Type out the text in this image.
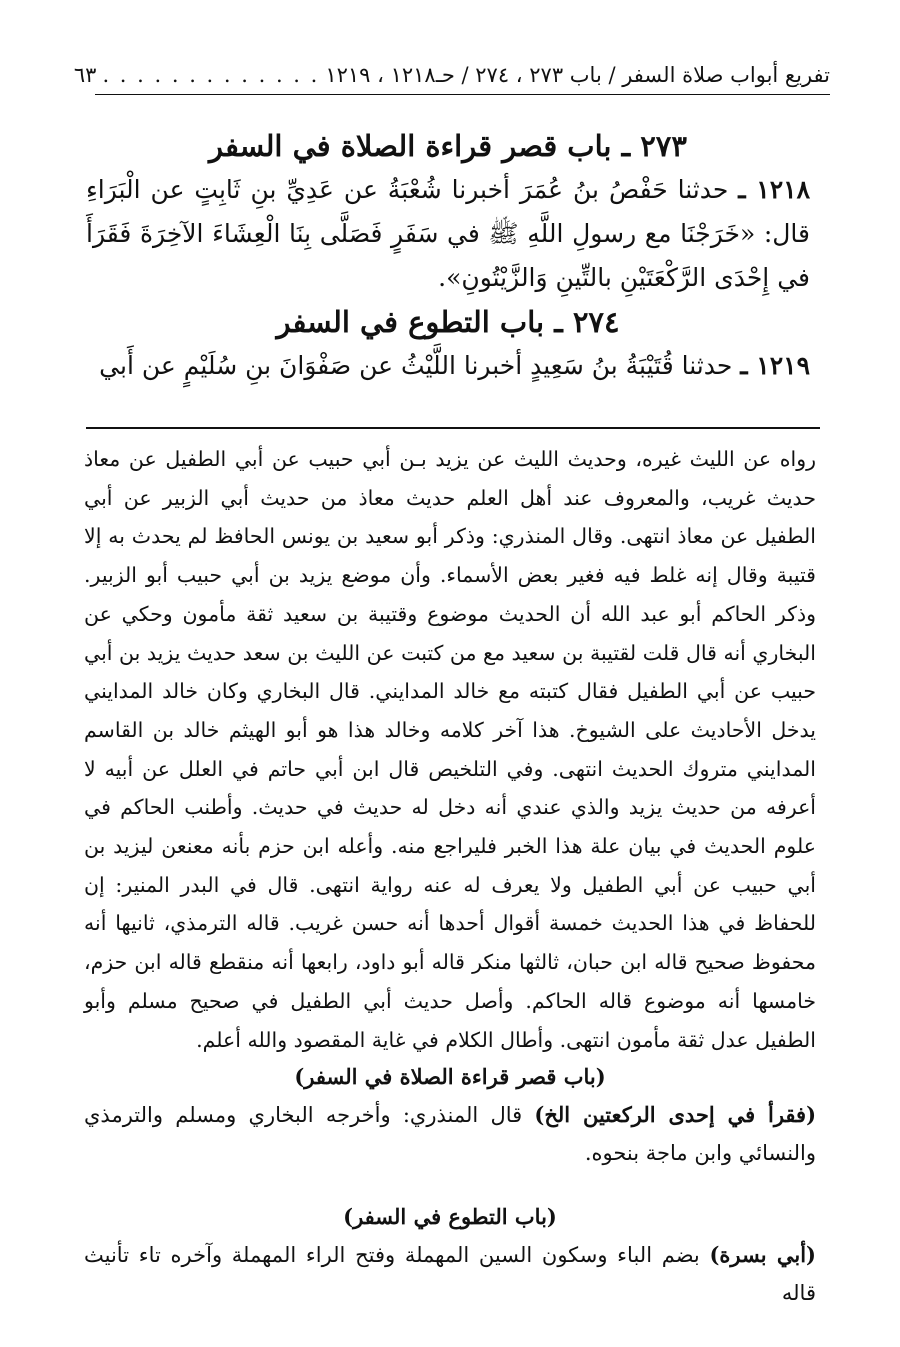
تفريع أبواب صلاة السفر / باب ٢٧٣ ، ٢٧٤ / حـ١٢١٨ ، ١٢١٩
. . . . . . . . . . . . .
٦٣
٢٧٣ ـ باب قصر قراءة الصلاة في السفر

١٢١٨ ـ حدثنا حَفْصُ بنُ عُمَرَ أخبرنا شُعْبَةُ عن عَدِيِّ بنِ ثَابِتٍ عن الْبَرَاءِ قال: «خَرَجْنَا مع رسولِ اللَّهِ ﷺ في سَفَرٍ فَصَلَّى بِنَا الْعِشَاءَ الآخِرَةَ فَقَرَأَ في إِحْدَى الرَّكْعَتَيْنِ بالتِّينِ وَالزَّيْتُونِ».

٢٧٤ ـ باب التطوع في السفر

١٢١٩ ـ حدثنا قُتَيْبَةُ بنُ سَعِيدٍ أخبرنا اللَّيْثُ عن صَفْوَانَ بنِ سُلَيْمٍ عن أَبي

رواه عن الليث غيره، وحديث الليث عن يزيد بـن أبي حبيب عن أبي الطفيل عن معاذ حديث غريب، والمعروف عند أهل العلم حديث معاذ من حديث أبي الزبير عن أبي الطفيل عن معاذ انتهى. وقال المنذري: وذكر أبو سعيد بن يونس الحافظ لم يحدث به إلا قتيبة وقال إنه غلط فيه فغير بعض الأسماء. وأن موضع يزيد بن أبي حبيب أبو الزبير. وذكر الحاكم أبو عبد الله أن الحديث موضوع وقتيبة بن سعيد ثقة مأمون وحكي عن البخاري أنه قال قلت لقتيبة بن سعيد مع من كتبت عن الليث بن سعد حديث يزيد بن أبي حبيب عن أبي الطفيل فقال كتبته مع خالد المدايني. قال البخاري وكان خالد المدايني يدخل الأحاديث على الشيوخ. هذا آخر كلامه وخالد هذا هو أبو الهيثم خالد بن القاسم المدايني متروك الحديث انتهى. وفي التلخيص قال ابن أبي حاتم في العلل عن أبيه لا أعرفه من حديث يزيد والذي عندي أنه دخل له حديث في حديث. وأطنب الحاكم في علوم الحديث في بيان علة هذا الخبر فليراجع منه. وأعله ابن حزم بأنه معنعن ليزيد بن أبي حبيب عن أبي الطفيل ولا يعرف له عنه رواية انتهى. قال في البدر المنير: إن للحفاظ في هذا الحديث خمسة أقوال أحدها أنه حسن غريب. قاله الترمذي، ثانيها أنه محفوظ صحيح قاله ابن حبان، ثالثها منكر قاله أبو داود، رابعها أنه منقطع قاله ابن حزم، خامسها أنه موضوع قاله الحاكم. وأصل حديث أبي الطفيل في صحيح مسلم وأبو الطفيل عدل ثقة مأمون انتهى. وأطال الكلام في غاية المقصود والله أعلم.

(باب قصر قراءة الصلاة في السفر)

(فقرأ في إحدى الركعتين الخ) قال المنذري: وأخرجه البخاري ومسلم والترمذي والنسائي وابن ماجة بنحوه.

(باب التطوع في السفر)

(أبي بسرة) بضم الباء وسكون السين المهملة وفتح الراء المهملة وآخره تاء تأنيث قاله
